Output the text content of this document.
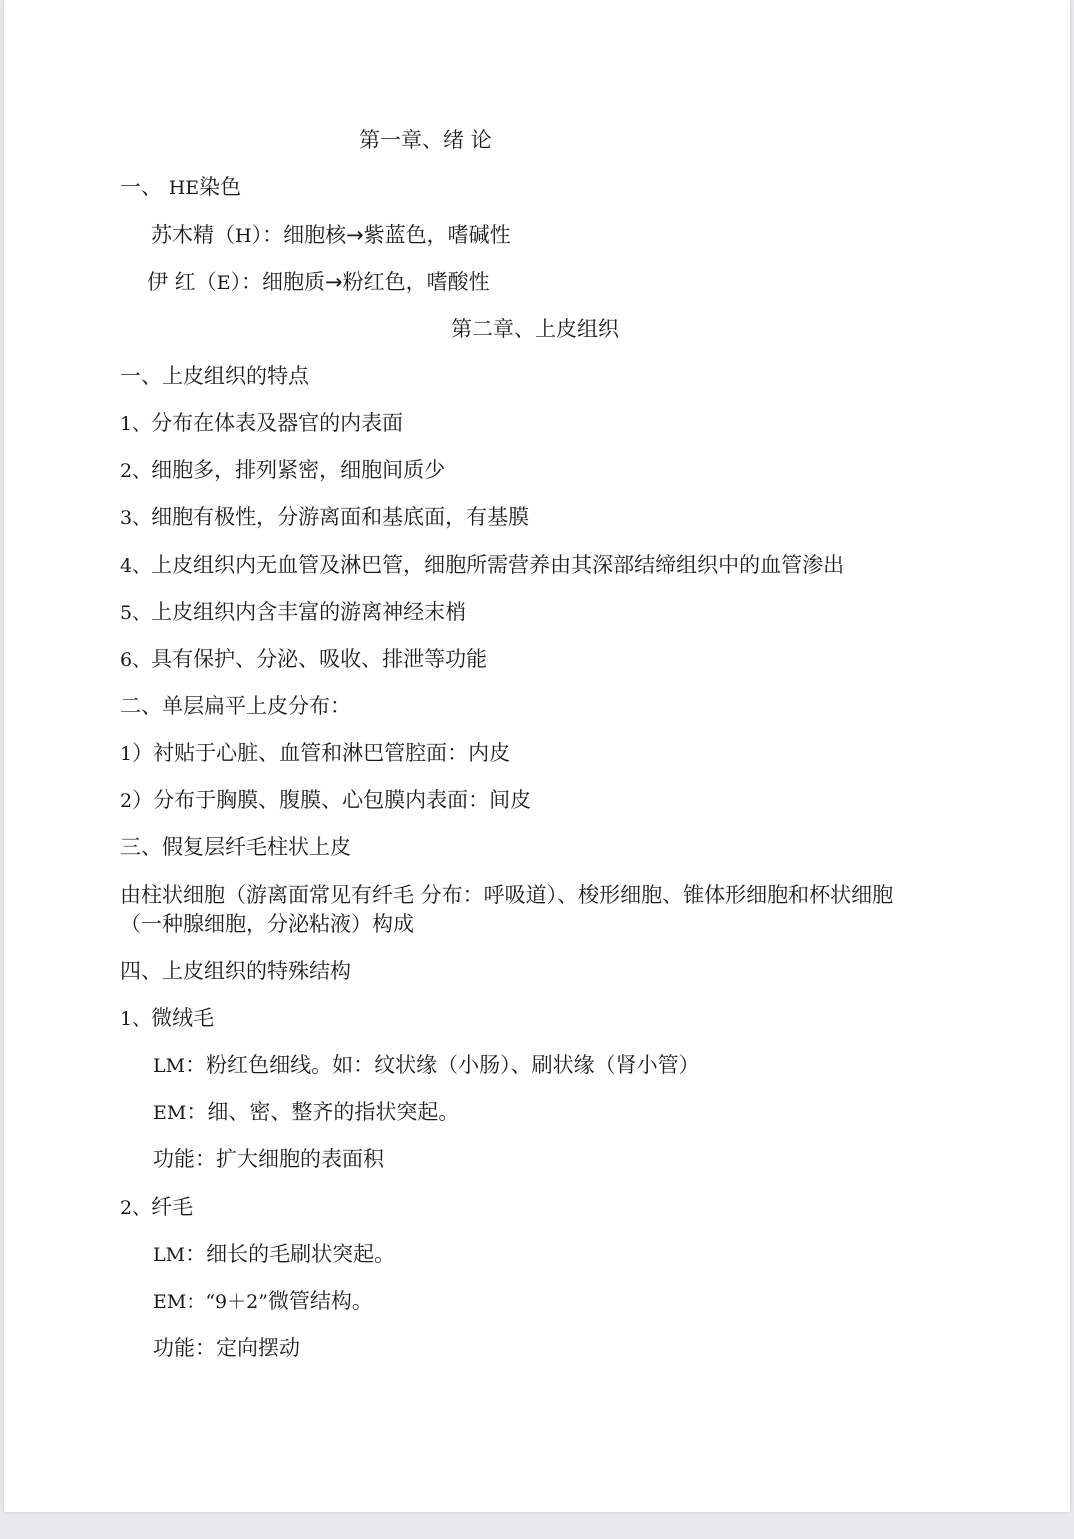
第一章、绪 论
一、 HE染色
苏木精（H）：细胞核→紫蓝色，嗜碱性
伊 红（E）：细胞质→粉红色，嗜酸性
第二章、上皮组织
一、上皮组织的特点
1、分布在体表及器官的内表面
2、细胞多，排列紧密，细胞间质少
3、细胞有极性，分游离面和基底面，有基膜
4、上皮组织内无血管及淋巴管，细胞所需营养由其深部结缔组织中的血管渗出
5、上皮组织内含丰富的游离神经末梢
6、具有保护、分泌、吸收、排泄等功能
二、单层扁平上皮分布：
1）衬贴于心脏、血管和淋巴管腔面：内皮
2）分布于胸膜、腹膜、心包膜内表面：间皮
三、假复层纤毛柱状上皮
由柱状细胞（游离面常见有纤毛 分布：呼吸道）、梭形细胞、锥体形细胞和杯状细胞
（一种腺细胞，分泌粘液）构成
四、上皮组织的特殊结构
1、微绒毛
LM：粉红色细线。如：纹状缘（小肠）、刷状缘（肾小管）
EM：细、密、整齐的指状突起。
功能：扩大细胞的表面积
2、纤毛
LM：细长的毛刷状突起。
EM：“9＋2”微管结构。
功能：定向摆动
